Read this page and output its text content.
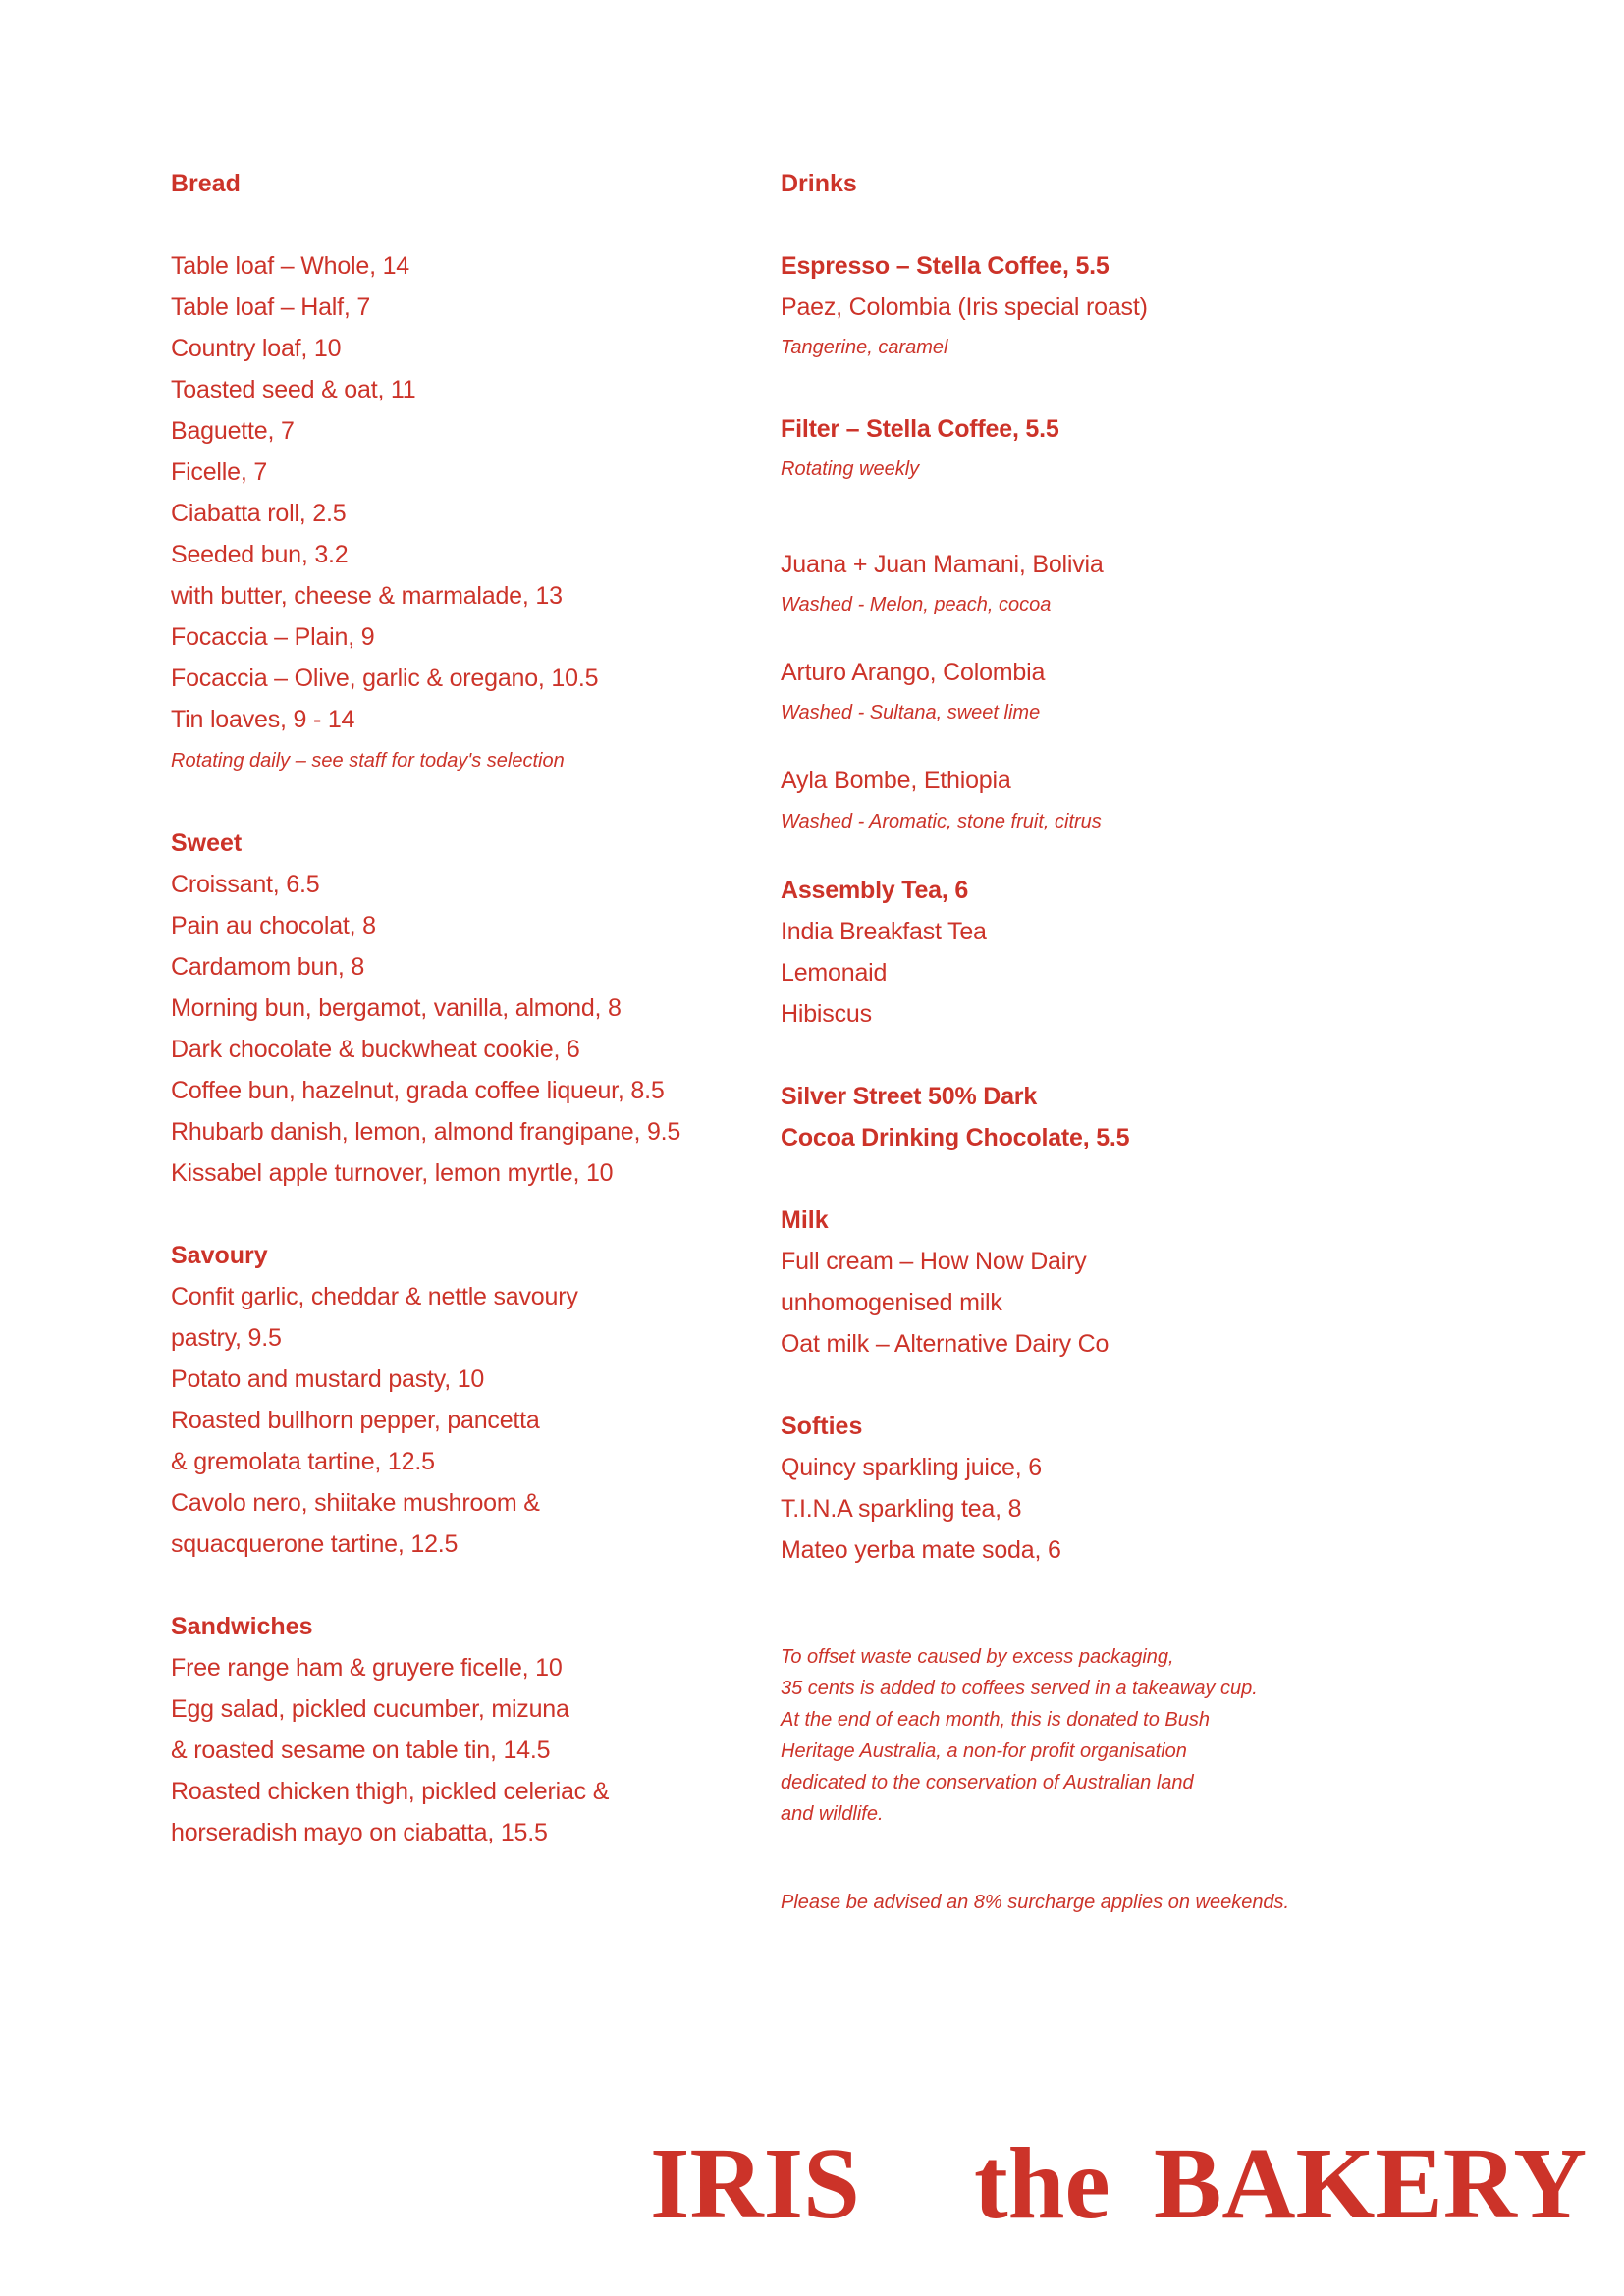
Bread
Table loaf – Whole, 14
Table loaf – Half, 7
Country loaf, 10
Toasted seed & oat, 11
Baguette, 7
Ficelle, 7
Ciabatta roll, 2.5
Seeded bun, 3.2
with butter, cheese & marmalade, 13
Focaccia – Plain, 9
Focaccia – Olive, garlic & oregano, 10.5
Tin loaves, 9 - 14
Rotating daily – see staff for today's selection
Sweet
Croissant, 6.5
Pain au chocolat, 8
Cardamom bun, 8
Morning bun, bergamot, vanilla, almond, 8
Dark chocolate & buckwheat cookie, 6
Coffee bun, hazelnut, grada coffee liqueur, 8.5
Rhubarb danish, lemon, almond frangipane, 9.5
Kissabel apple turnover, lemon myrtle, 10
Savoury
Confit garlic, cheddar & nettle savoury
pastry, 9.5
Potato and mustard pasty, 10
Roasted bullhorn pepper, pancetta
& gremolata tartine, 12.5
Cavolo nero, shiitake mushroom &
squacquerone tartine, 12.5
Sandwiches
Free range ham & gruyere ficelle, 10
Egg salad, pickled cucumber, mizuna
& roasted sesame on table tin, 14.5
Roasted chicken thigh, pickled celeriac &
horseradish mayo on ciabatta, 15.5
Drinks
Espresso – Stella Coffee, 5.5
Paez, Colombia (Iris special roast)
Tangerine, caramel
Filter – Stella Coffee, 5.5
Rotating weekly
Juana + Juan Mamani, Bolivia
Washed - Melon, peach, cocoa
Arturo Arango, Colombia
Washed - Sultana, sweet lime
Ayla Bombe, Ethiopia
Washed - Aromatic, stone fruit, citrus
Assembly Tea, 6
India Breakfast Tea
Lemonaid
Hibiscus
Silver Street 50% Dark
Cocoa Drinking Chocolate, 5.5
Milk
Full cream – How Now Dairy
unhomogenised milk
Oat milk – Alternative Dairy Co
Softies
Quincy sparkling juice, 6
T.I.N.A sparkling tea, 8
Mateo yerba mate soda, 6
To offset waste caused by excess packaging,
35 cents is added to coffees served in a takeaway cup.
At the end of each month, this is donated to Bush
Heritage Australia, a non-for profit organisation
dedicated to the conservation of Australian land
and wildlife.
Please be advised an 8% surcharge applies on weekends.
IRIS the BAKERY
